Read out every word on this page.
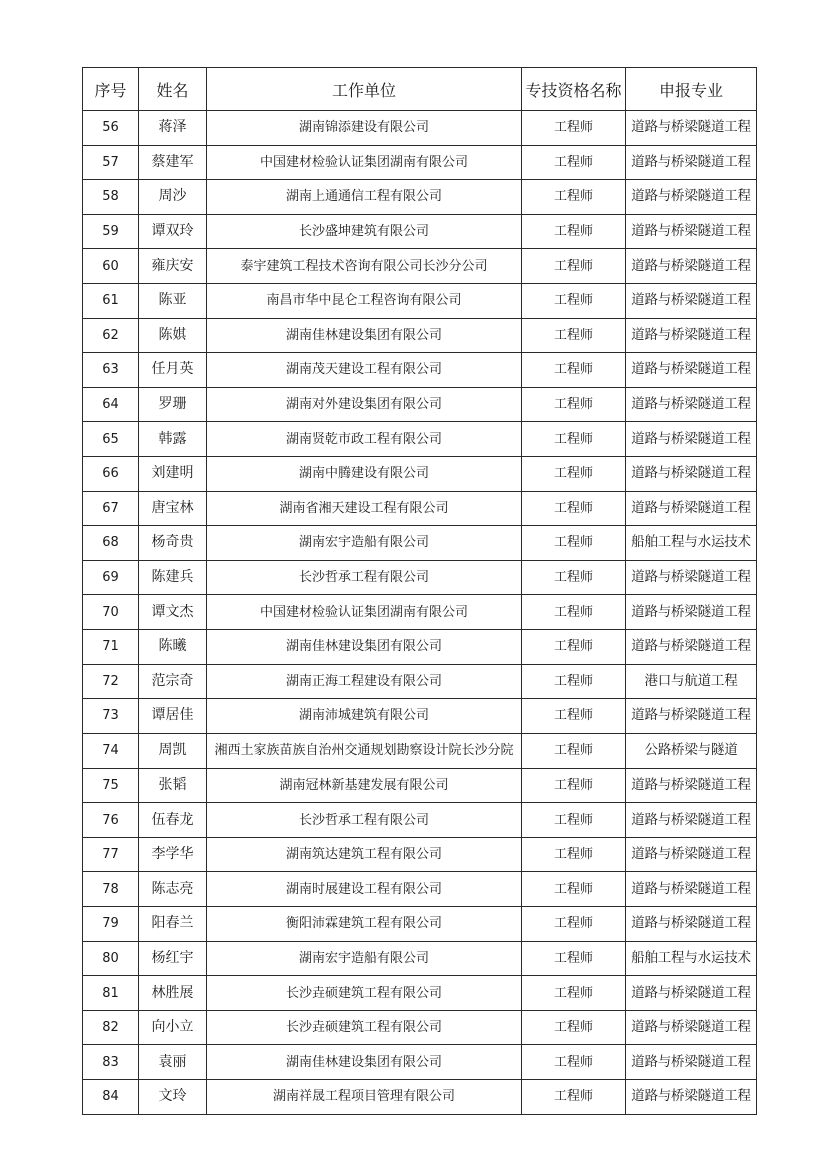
序号	姓名	工作单位	专技资格名称	申报专业
56	蒋泽	湖南锦添建设有限公司	工程师	道路与桥梁隧道工程
57	蔡建军	中国建材检验认证集团湖南有限公司	工程师	道路与桥梁隧道工程
58	周沙	湖南上通通信工程有限公司	工程师	道路与桥梁隧道工程
59	谭双玲	长沙盛坤建筑有限公司	工程师	道路与桥梁隧道工程
60	雍庆安	泰宇建筑工程技术咨询有限公司长沙分公司	工程师	道路与桥梁隧道工程
61	陈亚	南昌市华中昆仑工程咨询有限公司	工程师	道路与桥梁隧道工程
62	陈娸	湖南佳林建设集团有限公司	工程师	道路与桥梁隧道工程
63	任月英	湖南茂天建设工程有限公司	工程师	道路与桥梁隧道工程
64	罗珊	湖南对外建设集团有限公司	工程师	道路与桥梁隧道工程
65	韩露	湖南贤乾市政工程有限公司	工程师	道路与桥梁隧道工程
66	刘建明	湖南中腾建设有限公司	工程师	道路与桥梁隧道工程
67	唐宝林	湖南省湘天建设工程有限公司	工程师	道路与桥梁隧道工程
68	杨奇贵	湖南宏宇造船有限公司	工程师	船舶工程与水运技术
69	陈建兵	长沙哲承工程有限公司	工程师	道路与桥梁隧道工程
70	谭文杰	中国建材检验认证集团湖南有限公司	工程师	道路与桥梁隧道工程
71	陈曦	湖南佳林建设集团有限公司	工程师	道路与桥梁隧道工程
72	范宗奇	湖南正海工程建设有限公司	工程师	港口与航道工程
73	谭居佳	湖南沛城建筑有限公司	工程师	道路与桥梁隧道工程
74	周凯	湘西土家族苗族自治州交通规划勘察设计院长沙分院	工程师	公路桥梁与隧道
75	张韬	湖南冠林新基建发展有限公司	工程师	道路与桥梁隧道工程
76	伍春龙	长沙哲承工程有限公司	工程师	道路与桥梁隧道工程
77	李学华	湖南筑达建筑工程有限公司	工程师	道路与桥梁隧道工程
78	陈志亮	湖南时展建设工程有限公司	工程师	道路与桥梁隧道工程
79	阳春兰	衡阳沛霖建筑工程有限公司	工程师	道路与桥梁隧道工程
80	杨红宇	湖南宏宇造船有限公司	工程师	船舶工程与水运技术
81	林胜展	长沙垚硕建筑工程有限公司	工程师	道路与桥梁隧道工程
82	向小立	长沙垚硕建筑工程有限公司	工程师	道路与桥梁隧道工程
83	袁丽	湖南佳林建设集团有限公司	工程师	道路与桥梁隧道工程
84	文玲	湖南祥晟工程项目管理有限公司	工程师	道路与桥梁隧道工程
